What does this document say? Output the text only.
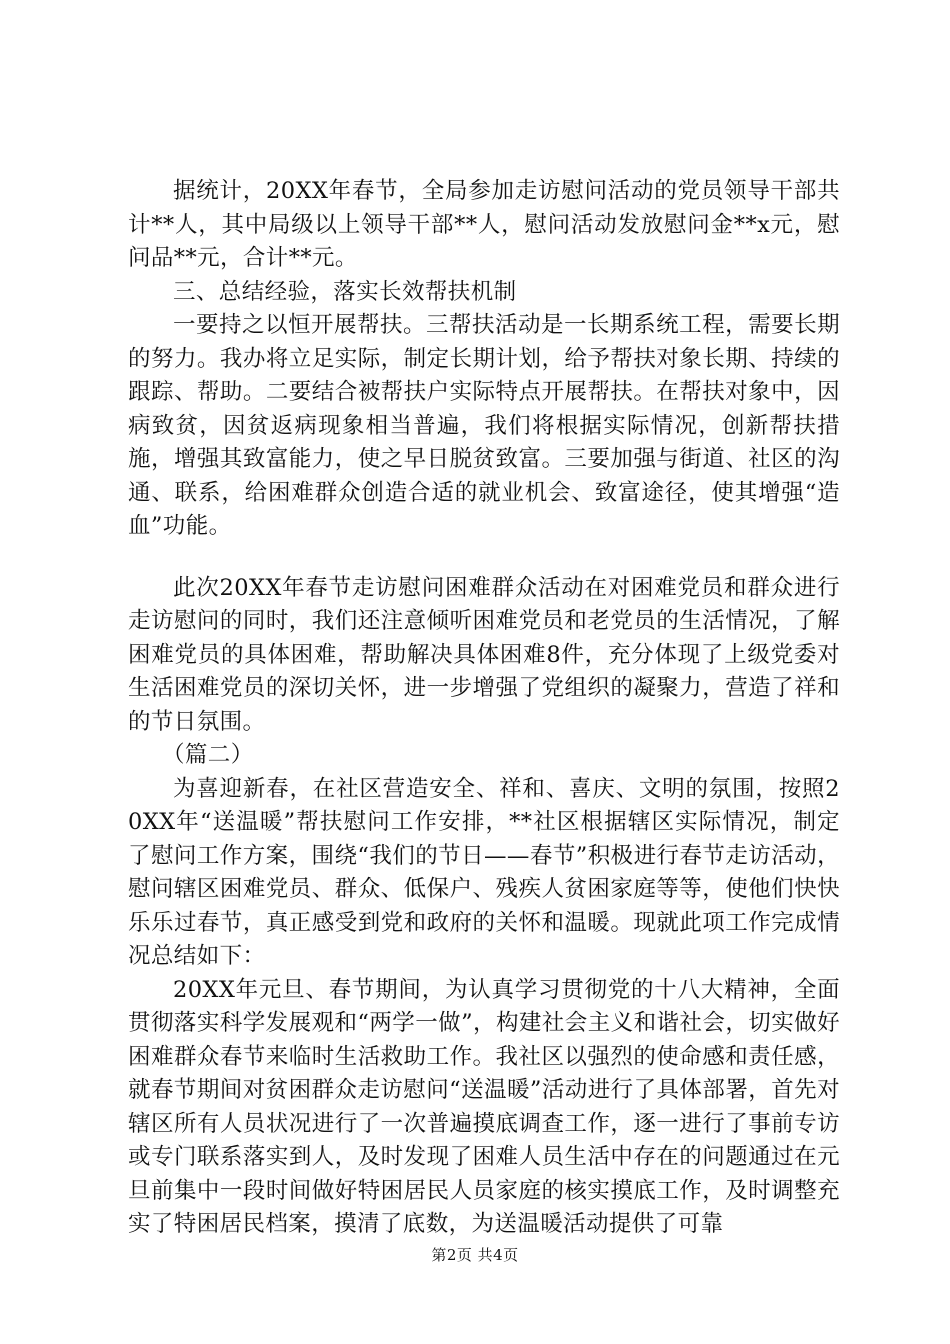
据统计，20XX年春节，全局参加走访慰问活动的党员领导干部共计**人，其中局级以上领导干部**人，慰问活动发放慰问金**x元，慰问品**元，合计**元。

三、总结经验，落实长效帮扶机制

一要持之以恒开展帮扶。三帮扶活动是一长期系统工程，需要长期的努力。我办将立足实际，制定长期计划，给予帮扶对象长期、持续的跟踪、帮助。二要结合被帮扶户实际特点开展帮扶。在帮扶对象中，因病致贫，因贫返病现象相当普遍，我们将根据实际情况，创新帮扶措施，增强其致富能力，使之早日脱贫致富。三要加强与街道、社区的沟通、联系，给困难群众创造合适的就业机会、致富途径，使其增强“造血”功能。

此次20XX年春节走访慰问困难群众活动在对困难党员和群众进行走访慰问的同时，我们还注意倾听困难党员和老党员的生活情况，了解困难党员的具体困难，帮助解决具体困难8件，充分体现了上级党委对生活困难党员的深切关怀，进一步增强了党组织的凝聚力，营造了祥和的节日氛围。

（篇二）

为喜迎新春，在社区营造安全、祥和、喜庆、文明的氛围，按照20XX年“送温暖”帮扶慰问工作安排，**社区根据辖区实际情况，制定了慰问工作方案，围绕“我们的节日——春节”积极进行春节走访活动，慰问辖区困难党员、群众、低保户、残疾人贫困家庭等等，使他们快快乐乐过春节，真正感受到党和政府的关怀和温暖。现就此项工作完成情况总结如下：

20XX年元旦、春节期间，为认真学习贯彻党的十八大精神，全面贯彻落实科学发展观和“两学一做”，构建社会主义和谐社会，切实做好困难群众春节来临时生活救助工作。我社区以强烈的使命感和责任感，就春节期间对贫困群众走访慰问“送温暖”活动进行了具体部署，首先对辖区所有人员状况进行了一次普遍摸底调查工作，逐一进行了事前专访或专门联系落实到人，及时发现了困难人员生活中存在的问题通过在元旦前集中一段时间做好特困居民人员家庭的核实摸底工作，及时调整充实了特困居民档案，摸清了底数，为送温暖活动提供了可靠

第2页 共4页
